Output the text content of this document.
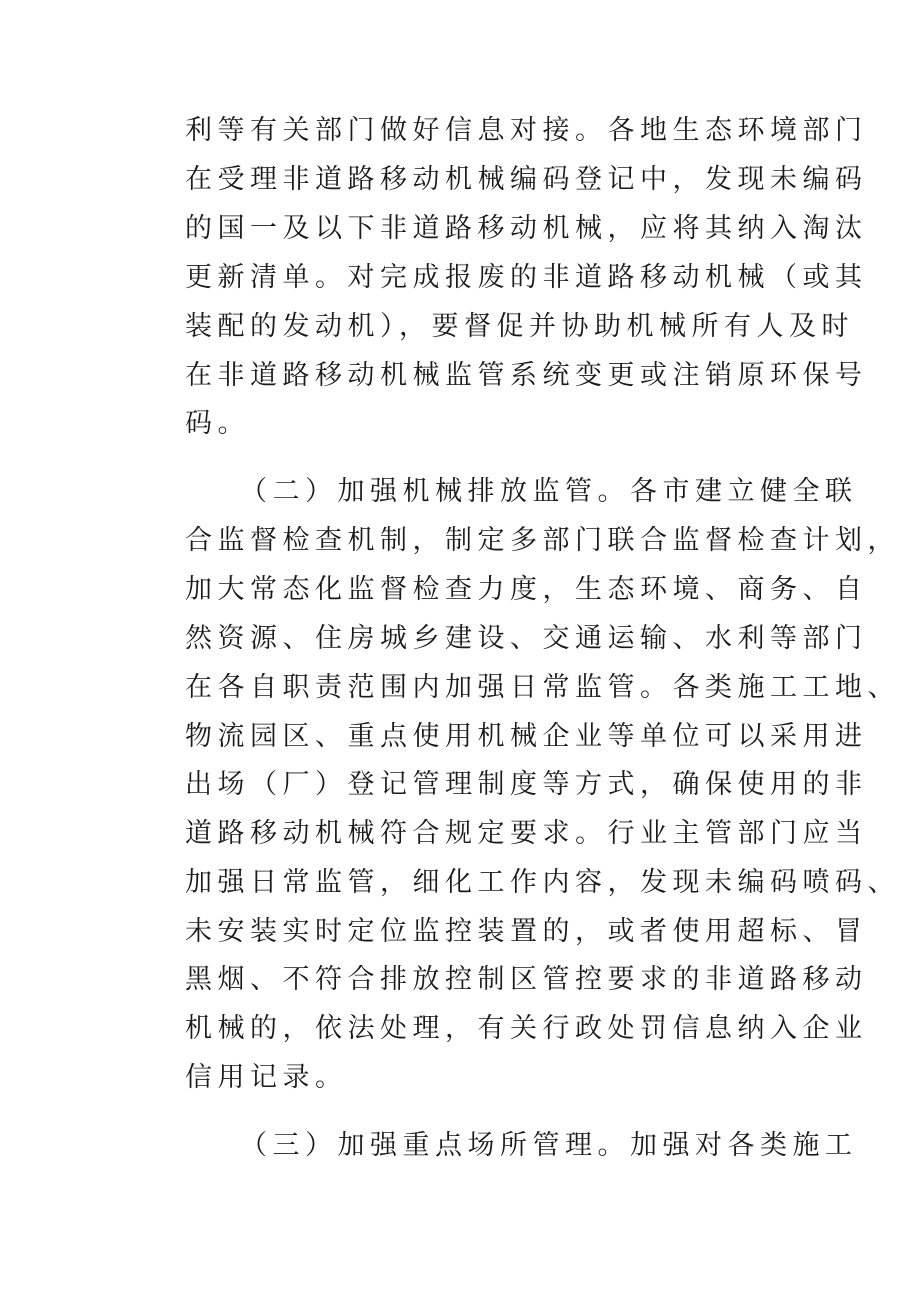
利等有关部门做好信息对接。各地生态环境部门

在受理非道路移动机械编码登记中，发现未编码

的国一及以下非道路移动机械，应将其纳入淘汰

更新清单。对完成报废的非道路移动机械（或其

装配的发动机），要督促并协助机械所有人及时

在非道路移动机械监管系统变更或注销原环保号

码。

（二）加强机械排放监管。各市建立健全联

合监督检查机制，制定多部门联合监督检查计划，

加大常态化监督检查力度，生态环境、商务、自

然资源、住房城乡建设、交通运输、水利等部门

在各自职责范围内加强日常监管。各类施工工地、

物流园区、重点使用机械企业等单位可以采用进

出场（厂）登记管理制度等方式，确保使用的非

道路移动机械符合规定要求。行业主管部门应当

加强日常监管，细化工作内容，发现未编码喷码、

未安装实时定位监控装置的，或者使用超标、冒

黑烟、不符合排放控制区管控要求的非道路移动

机械的，依法处理，有关行政处罚信息纳入企业

信用记录。

（三）加强重点场所管理。加强对各类施工
